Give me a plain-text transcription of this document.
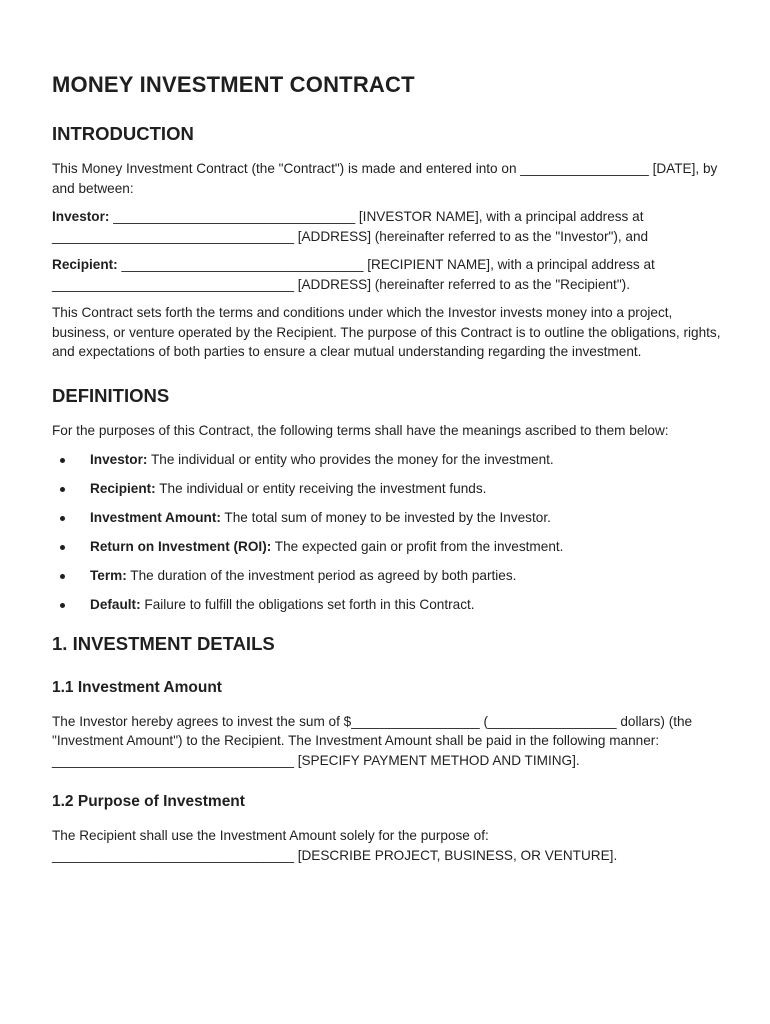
MONEY INVESTMENT CONTRACT
INTRODUCTION

This Money Investment Contract (the "Contract") is made and entered into on _________________ [DATE], by and between:

Investor: ________________________________ [INVESTOR NAME], with a principal address at ________________________________ [ADDRESS] (hereinafter referred to as the "Investor"), and

Recipient: ________________________________ [RECIPIENT NAME], with a principal address at ________________________________ [ADDRESS] (hereinafter referred to as the "Recipient").

This Contract sets forth the terms and conditions under which the Investor invests money into a project, business, or venture operated by the Recipient. The purpose of this Contract is to outline the obligations, rights, and expectations of both parties to ensure a clear mutual understanding regarding the investment.

DEFINITIONS

For the purposes of this Contract, the following terms shall have the meanings ascribed to them below:

Investor: The individual or entity who provides the money for the investment.
Recipient: The individual or entity receiving the investment funds.
Investment Amount: The total sum of money to be invested by the Investor.
Return on Investment (ROI): The expected gain or profit from the investment.
Term: The duration of the investment period as agreed by both parties.
Default: Failure to fulfill the obligations set forth in this Contract.
1. INVESTMENT DETAILS
1.1 Investment Amount

The Investor hereby agrees to invest the sum of $_________________ (_________________ dollars) (the "Investment Amount") to the Recipient. The Investment Amount shall be paid in the following manner: ________________________________ [SPECIFY PAYMENT METHOD AND TIMING].

1.2 Purpose of Investment

The Recipient shall use the Investment Amount solely for the purpose of: ________________________________ [DESCRIBE PROJECT, BUSINESS, OR VENTURE].
